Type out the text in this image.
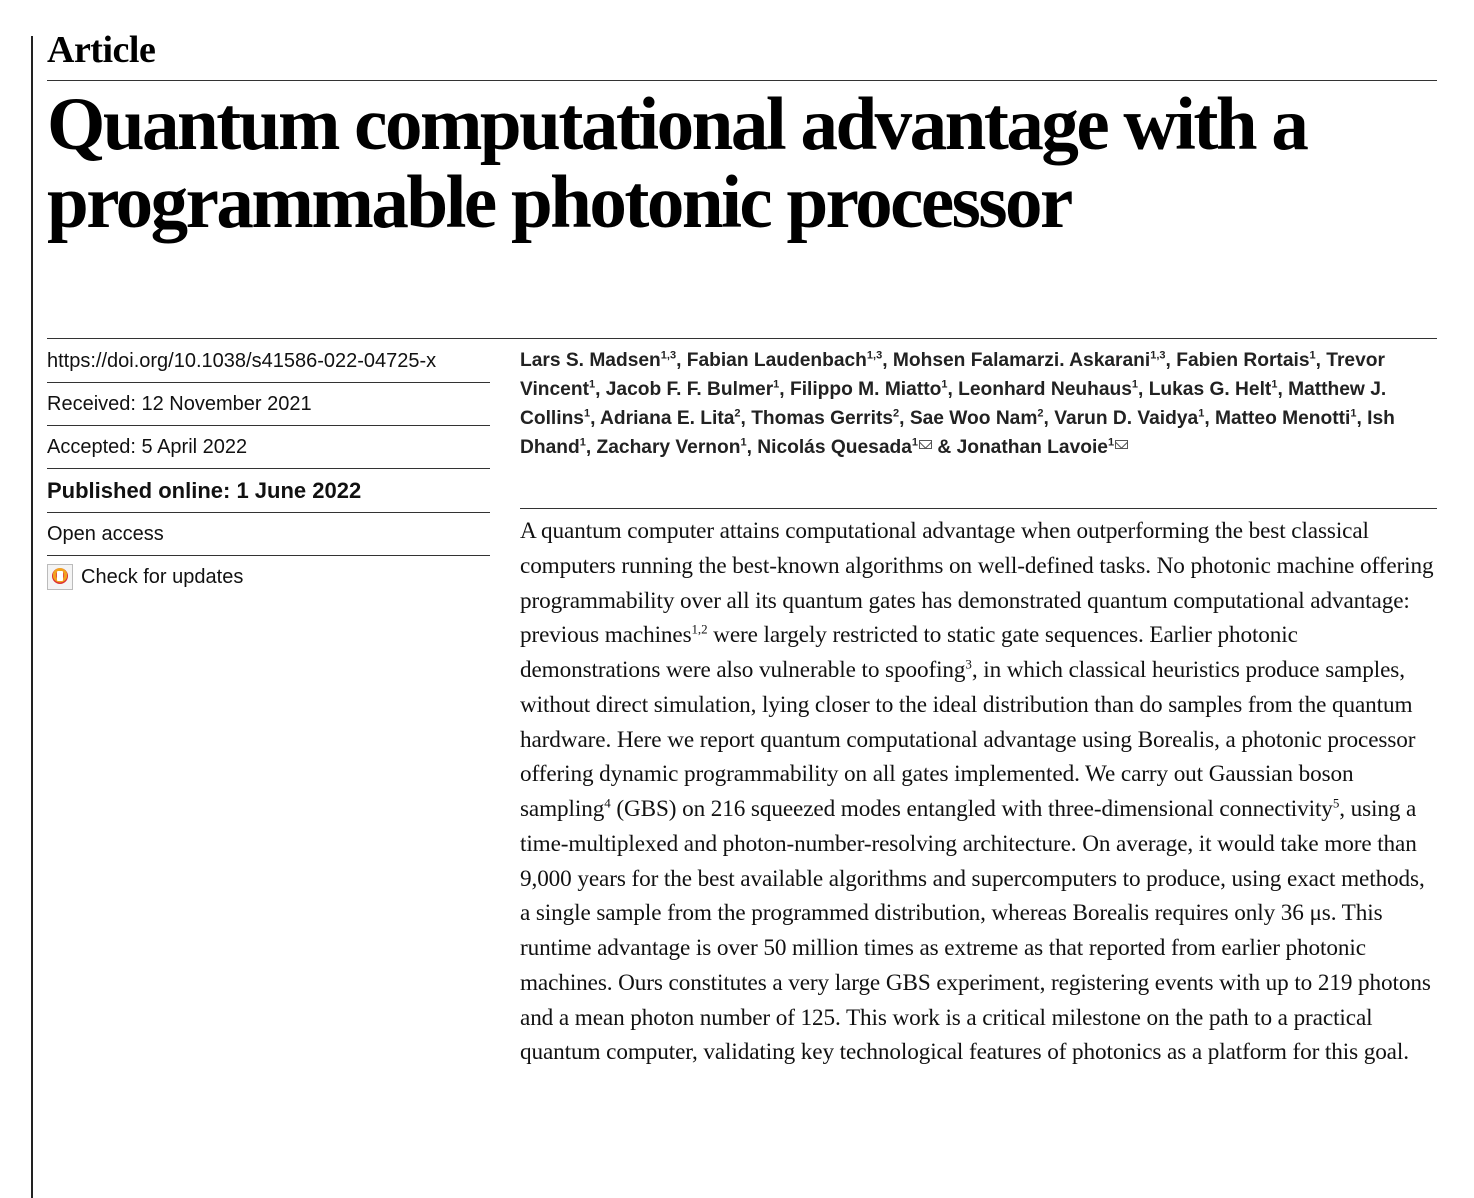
Article
Quantum computational advantage with a
programmable photonic processor
https://doi.org/10.1038/s41586-022-04725-x
Received: 12 November 2021
Accepted: 5 April 2022
Published online: 1 June 2022
Open access
Check for updates
Lars S. Madsen$^{1,3}$, Fabian Laudenbach$^{1,3}$, Mohsen Falamarzi. Askarani$^{1,3}$, Fabien Rortais$^1$, Trevor Vincent$^1$, Jacob F. F. Bulmer$^1$, Filippo M. Miatto$^1$, Leonhard Neuhaus$^1$, Lukas G. Helt$^1$, Matthew J. Collins$^1$, Adriana E. Lita$^2$, Thomas Gerrits$^2$, Sae Woo Nam$^2$, Varun D. Vaidya$^1$, Matteo Menotti$^1$, Ish Dhand$^1$, Zachary Vernon$^1$, Nicolás Quesada$^1$ & Jonathan Lavoie$^1$

A quantum computer attains computational advantage when outperforming the best classical computers running the best-known algorithms on well-defined tasks. No photonic machine offering programmability over all its quantum gates has demonstrated quantum computational advantage: previous machines$^{1,2}$ were largely restricted to static gate sequences. Earlier photonic demonstrations were also vulnerable to spoofing$^3$, in which classical heuristics produce samples, without direct simulation, lying closer to the ideal distribution than do samples from the quantum hardware. Here we report quantum computational advantage using Borealis, a photonic processor offering dynamic programmability on all gates implemented. We carry out Gaussian boson sampling$^4$ (GBS) on 216 squeezed modes entangled with three-dimensional connectivity$^5$, using a time-multiplexed and photon-number-resolving architecture. On average, it would take more than 9,000 years for the best available algorithms and supercomputers to produce, using exact methods, a single sample from the programmed distribution, whereas Borealis requires only 36 μs. This runtime advantage is over 50 million times as extreme as that reported from earlier photonic machines. Ours constitutes a very large GBS experiment, registering events with up to 219 photons and a mean photon number of 125. This work is a critical milestone on the path to a practical quantum computer, validating key technological features of photonics as a platform for this goal.
